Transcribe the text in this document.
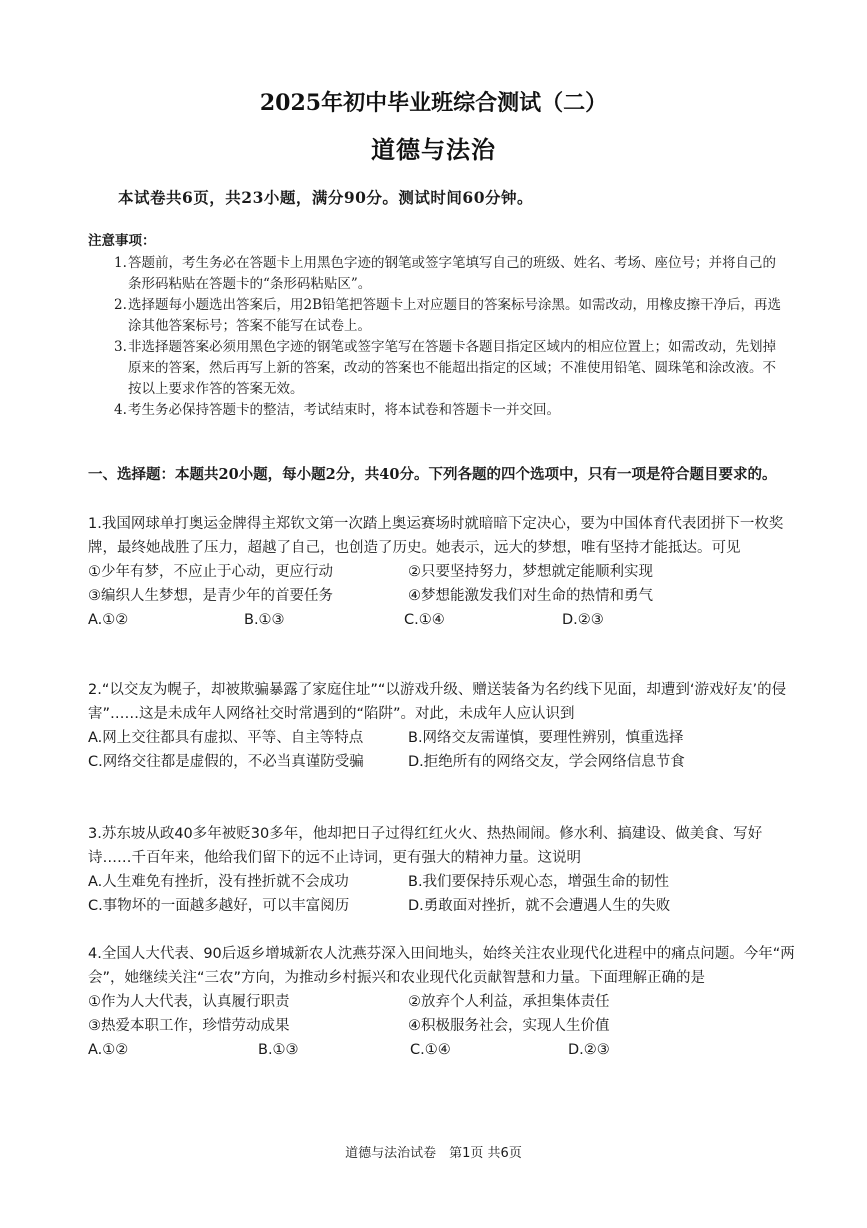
2025年初中毕业班综合测试（二）
道德与法治
本试卷共6页，共23小题，满分90分。测试时间60分钟。
注意事项：
1. 答题前，考生务必在答题卡上用黑色字迹的钢笔或签字笔填写自己的班级、姓名、考场、座位号；并将自己的条形码粘贴在答题卡的“条形码粘贴区”。
2. 选择题每小题选出答案后，用2B铅笔把答题卡上对应题目的答案标号涂黑。如需改动，用橡皮擦干净后，再选涂其他答案标号；答案不能写在试卷上。
3. 非选择题答案必须用黑色字迹的钢笔或签字笔写在答题卡各题目指定区域内的相应位置上；如需改动，先划掉原来的答案，然后再写上新的答案，改动的答案也不能超出指定的区域；不准使用铅笔、圆珠笔和涂改液。不按以上要求作答的答案无效。
4. 考生务必保持答题卡的整洁，考试结束时，将本试卷和答题卡一并交回。
一、选择题：本题共20小题，每小题2分，共40分。下列各题的四个选项中，只有一项是符合题目要求的。

1.我国网球单打奥运金牌得主郑钦文第一次踏上奥运赛场时就暗暗下定决心，要为中国体育代表团拼下一枚奖牌，最终她战胜了压力，超越了自己，也创造了历史。她表示，远大的梦想，唯有坚持才能抵达。可见

①少年有梦，不应止于心动，更应行动	②只要坚持努力，梦想就定能顺利实现
③编织人生梦想，是青少年的首要任务	④梦想能激发我们对生命的热情和勇气
A.①②	B.①③	C.①④	D.②③

2.“以交友为幌子，却被欺骗暴露了家庭住址”“以游戏升级、赠送装备为名约线下见面，却遭到‘游戏好友’的侵害”……这是未成年人网络社交时常遇到的“陷阱”。对此，未成年人应认识到

A.网上交往都具有虚拟、平等、自主等特点	B.网络交友需谨慎，要理性辨别，慎重选择
C.网络交往都是虚假的，不必当真谨防受骗	D.拒绝所有的网络交友，学会网络信息节食

3.苏东坡从政40多年被贬30多年，他却把日子过得红红火火、热热闹闹。修水利、搞建设、做美食、写好诗……千百年来，他给我们留下的远不止诗词，更有强大的精神力量。这说明

A.人生难免有挫折，没有挫折就不会成功	B.我们要保持乐观心态，增强生命的韧性
C.事物坏的一面越多越好，可以丰富阅历	D.勇敢面对挫折，就不会遭遇人生的失败

4.全国人大代表、90后返乡增城新农人沈燕芬深入田间地头，始终关注农业现代化进程中的痛点问题。今年“两会”，她继续关注“三农”方向，为推动乡村振兴和农业现代化贡献智慧和力量。下面理解正确的是

①作为人大代表，认真履行职责	②放弃个人利益，承担集体责任
③热爱本职工作，珍惜劳动成果	④积极服务社会，实现人生价值
A.①②	B.①③	C.①④	D.②③
道德与法治试卷　第1页 共6页
